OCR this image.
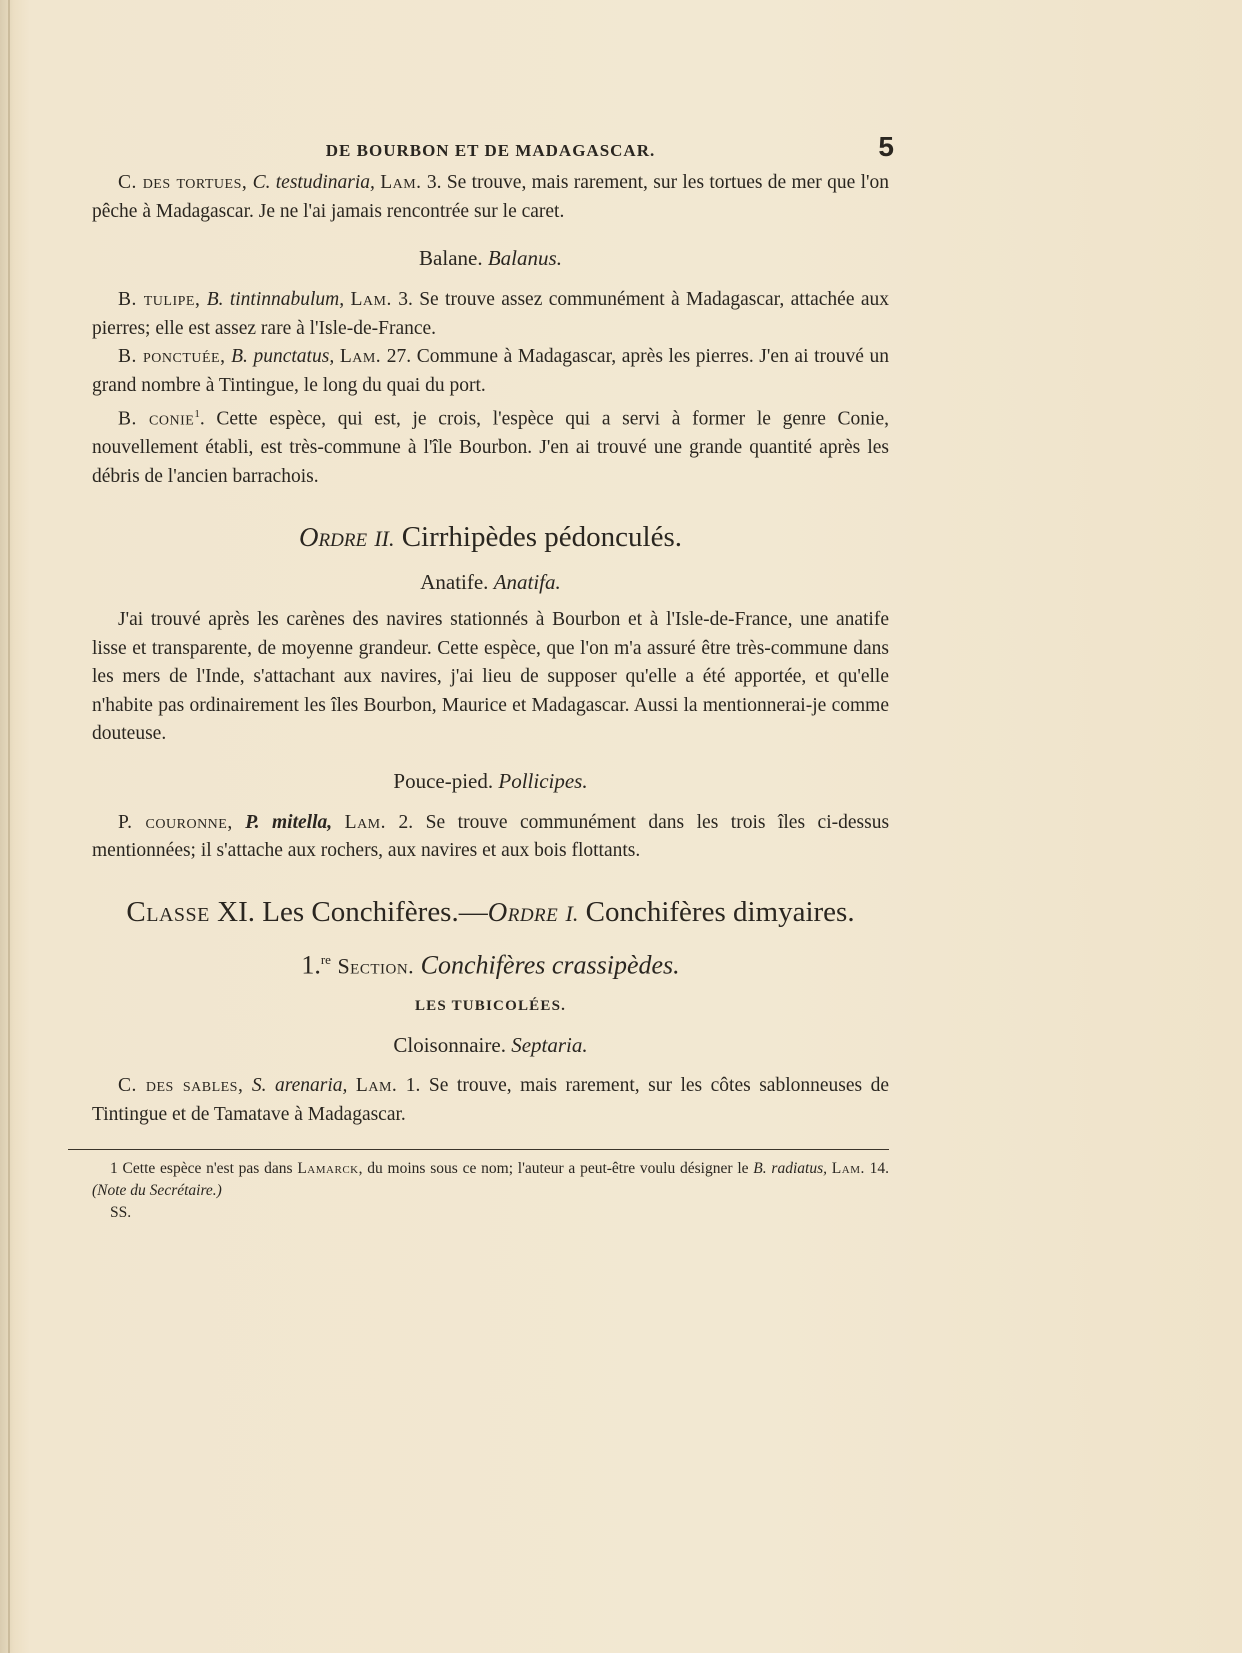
DE BOURBON ET DE MADAGASCAR.	5

C. des tortues, C. testudinaria, Lam. 3. Se trouve, mais rarement, sur les tortues de mer que l'on pêche à Madagascar. Je ne l'ai jamais rencontrée sur le caret.

Balane. Balanus.

B. tulipe, B. tintinnabulum, Lam. 3. Se trouve assez communément à Madagascar, attachée aux pierres; elle est assez rare à l'Isle-de-France.

B. ponctuée, B. punctatus, Lam. 27. Commune à Madagascar, après les pierres. J'en ai trouvé un grand nombre à Tintingue, le long du quai du port.

B. conie$^1$. Cette espèce, qui est, je crois, l'espèce qui a servi à former le genre Conie, nouvellement établi, est très-commune à l'île Bourbon. J'en ai trouvé une grande quantité après les débris de l'ancien barrachois.

Ordre II. Cirrhipèdes pédonculés.
Anatife. Anatifa.

J'ai trouvé après les carènes des navires stationnés à Bourbon et à l'Isle-de-France, une anatife lisse et transparente, de moyenne grandeur. Cette espèce, que l'on m'a assuré être très-commune dans les mers de l'Inde, s'attachant aux navires, j'ai lieu de supposer qu'elle a été apportée, et qu'elle n'habite pas ordinairement les îles Bourbon, Maurice et Madagascar. Aussi la mentionnerai-je comme douteuse.

Pouce-pied. Pollicipes.

P. couronne, P. mitella, Lam. 2. Se trouve communément dans les trois îles ci-dessus mentionnées; il s'attache aux rochers, aux navires et aux bois flottants.

Classe XI. Les Conchifères.—Ordre I. Conchifères dimyaires.
1.$^{re}$ Section. Conchifères crassipèdes.
LES TUBICOLÉES.
Cloisonnaire. Septaria.

C. des sables, S. arenaria, Lam. 1. Se trouve, mais rarement, sur les côtes sablonneuses de Tintingue et de Tamatave à Madagascar.

1 Cette espèce n'est pas dans Lamarck, du moins sous ce nom; l'auteur a peut-être voulu désigner le B. radiatus, Lam. 14. (Note du Secrétaire.)
SS.
